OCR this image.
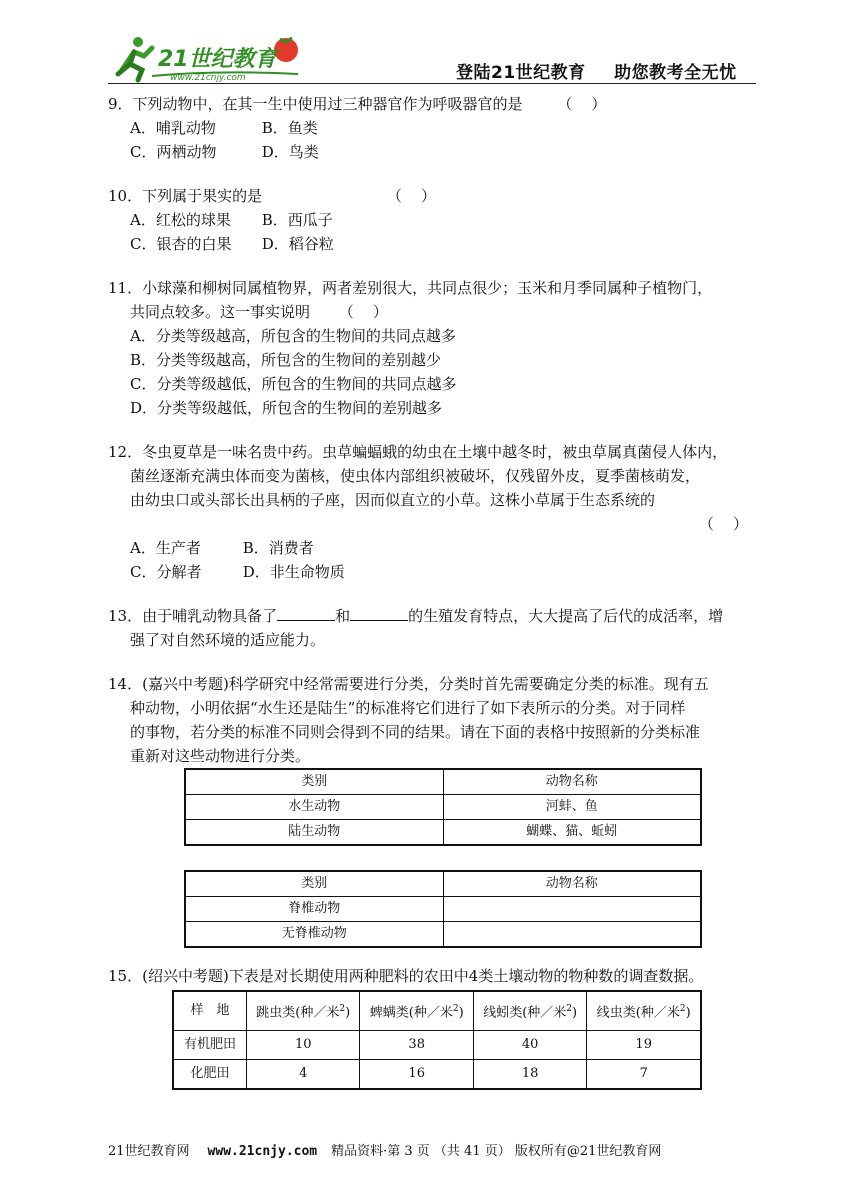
21世纪教育
www.21cnjy.com	登陆21世纪教育 助您教考全无忧
9．下列动物中，在其一生中使用过三种器官作为呼吸器官的是 （    ）
A．哺乳动物	B．鱼类
C．两栖动物	D．鸟类
10．下列属于果实的是	（    ）
A．红松的球果 B．西瓜子
C．银杏的白果 D．稻谷粒
11．小球藻和柳树同属植物界，两者差别很大，共同点很少；玉米和月季同属种子植物门，
共同点较多。这一事实说明 （    ）
A．分类等级越高，所包含的生物间的共同点越多
B．分类等级越高，所包含的生物间的差别越少
C．分类等级越低，所包含的生物间的共同点越多
D．分类等级越低，所包含的生物间的差别越多
12．冬虫夏草是一味名贵中药。虫草蝙蝠蛾的幼虫在土壤中越冬时，被虫草属真菌侵人体内，
菌丝逐渐充满虫体而变为菌核，使虫体内部组织被破坏，仅残留外皮，夏季菌核萌发，
由幼虫口或头部长出具柄的子座，因而似直立的小草。这株小草属于生态系统的
（    ）
A．生产者	B．消费者
C．分解者	D．非生命物质
13．由于哺乳动物具备了	和	的生殖发育特点，大大提高了后代的成活率，增
强了对自然环境的适应能力。
14．(嘉兴中考题)科学研究中经常需要进行分类，分类时首先需要确定分类的标准。现有五
种动物，小明依据“水生还是陆生”的标准将它们进行了如下表所示的分类。对于同样
的事物，若分类的标准不同则会得到不同的结果。请在下面的表格中按照新的分类标准
重新对这些动物进行分类。
类别	动物名称
水生动物	河蚌、鱼
陆生动物	蝴蝶、猫、蚯蚓
类别	动物名称
脊椎动物	
无脊椎动物	
15．(绍兴中考题)下表是对长期使用两种肥料的农田中4类土壤动物的物种数的调查数据。
样　地	跳虫类(种／米$^2$)	蜱螨类(种／米$^2$)	线蚓类(种／米$^2$)	线虫类(种／米$^2$)
有机肥田	10	38	40	19
化肥田	4	16	18	7
21世纪教育网 www.21cnjy.com 精品资料·第 3 页 （共 41 页） 版权所有@21世纪教育网
